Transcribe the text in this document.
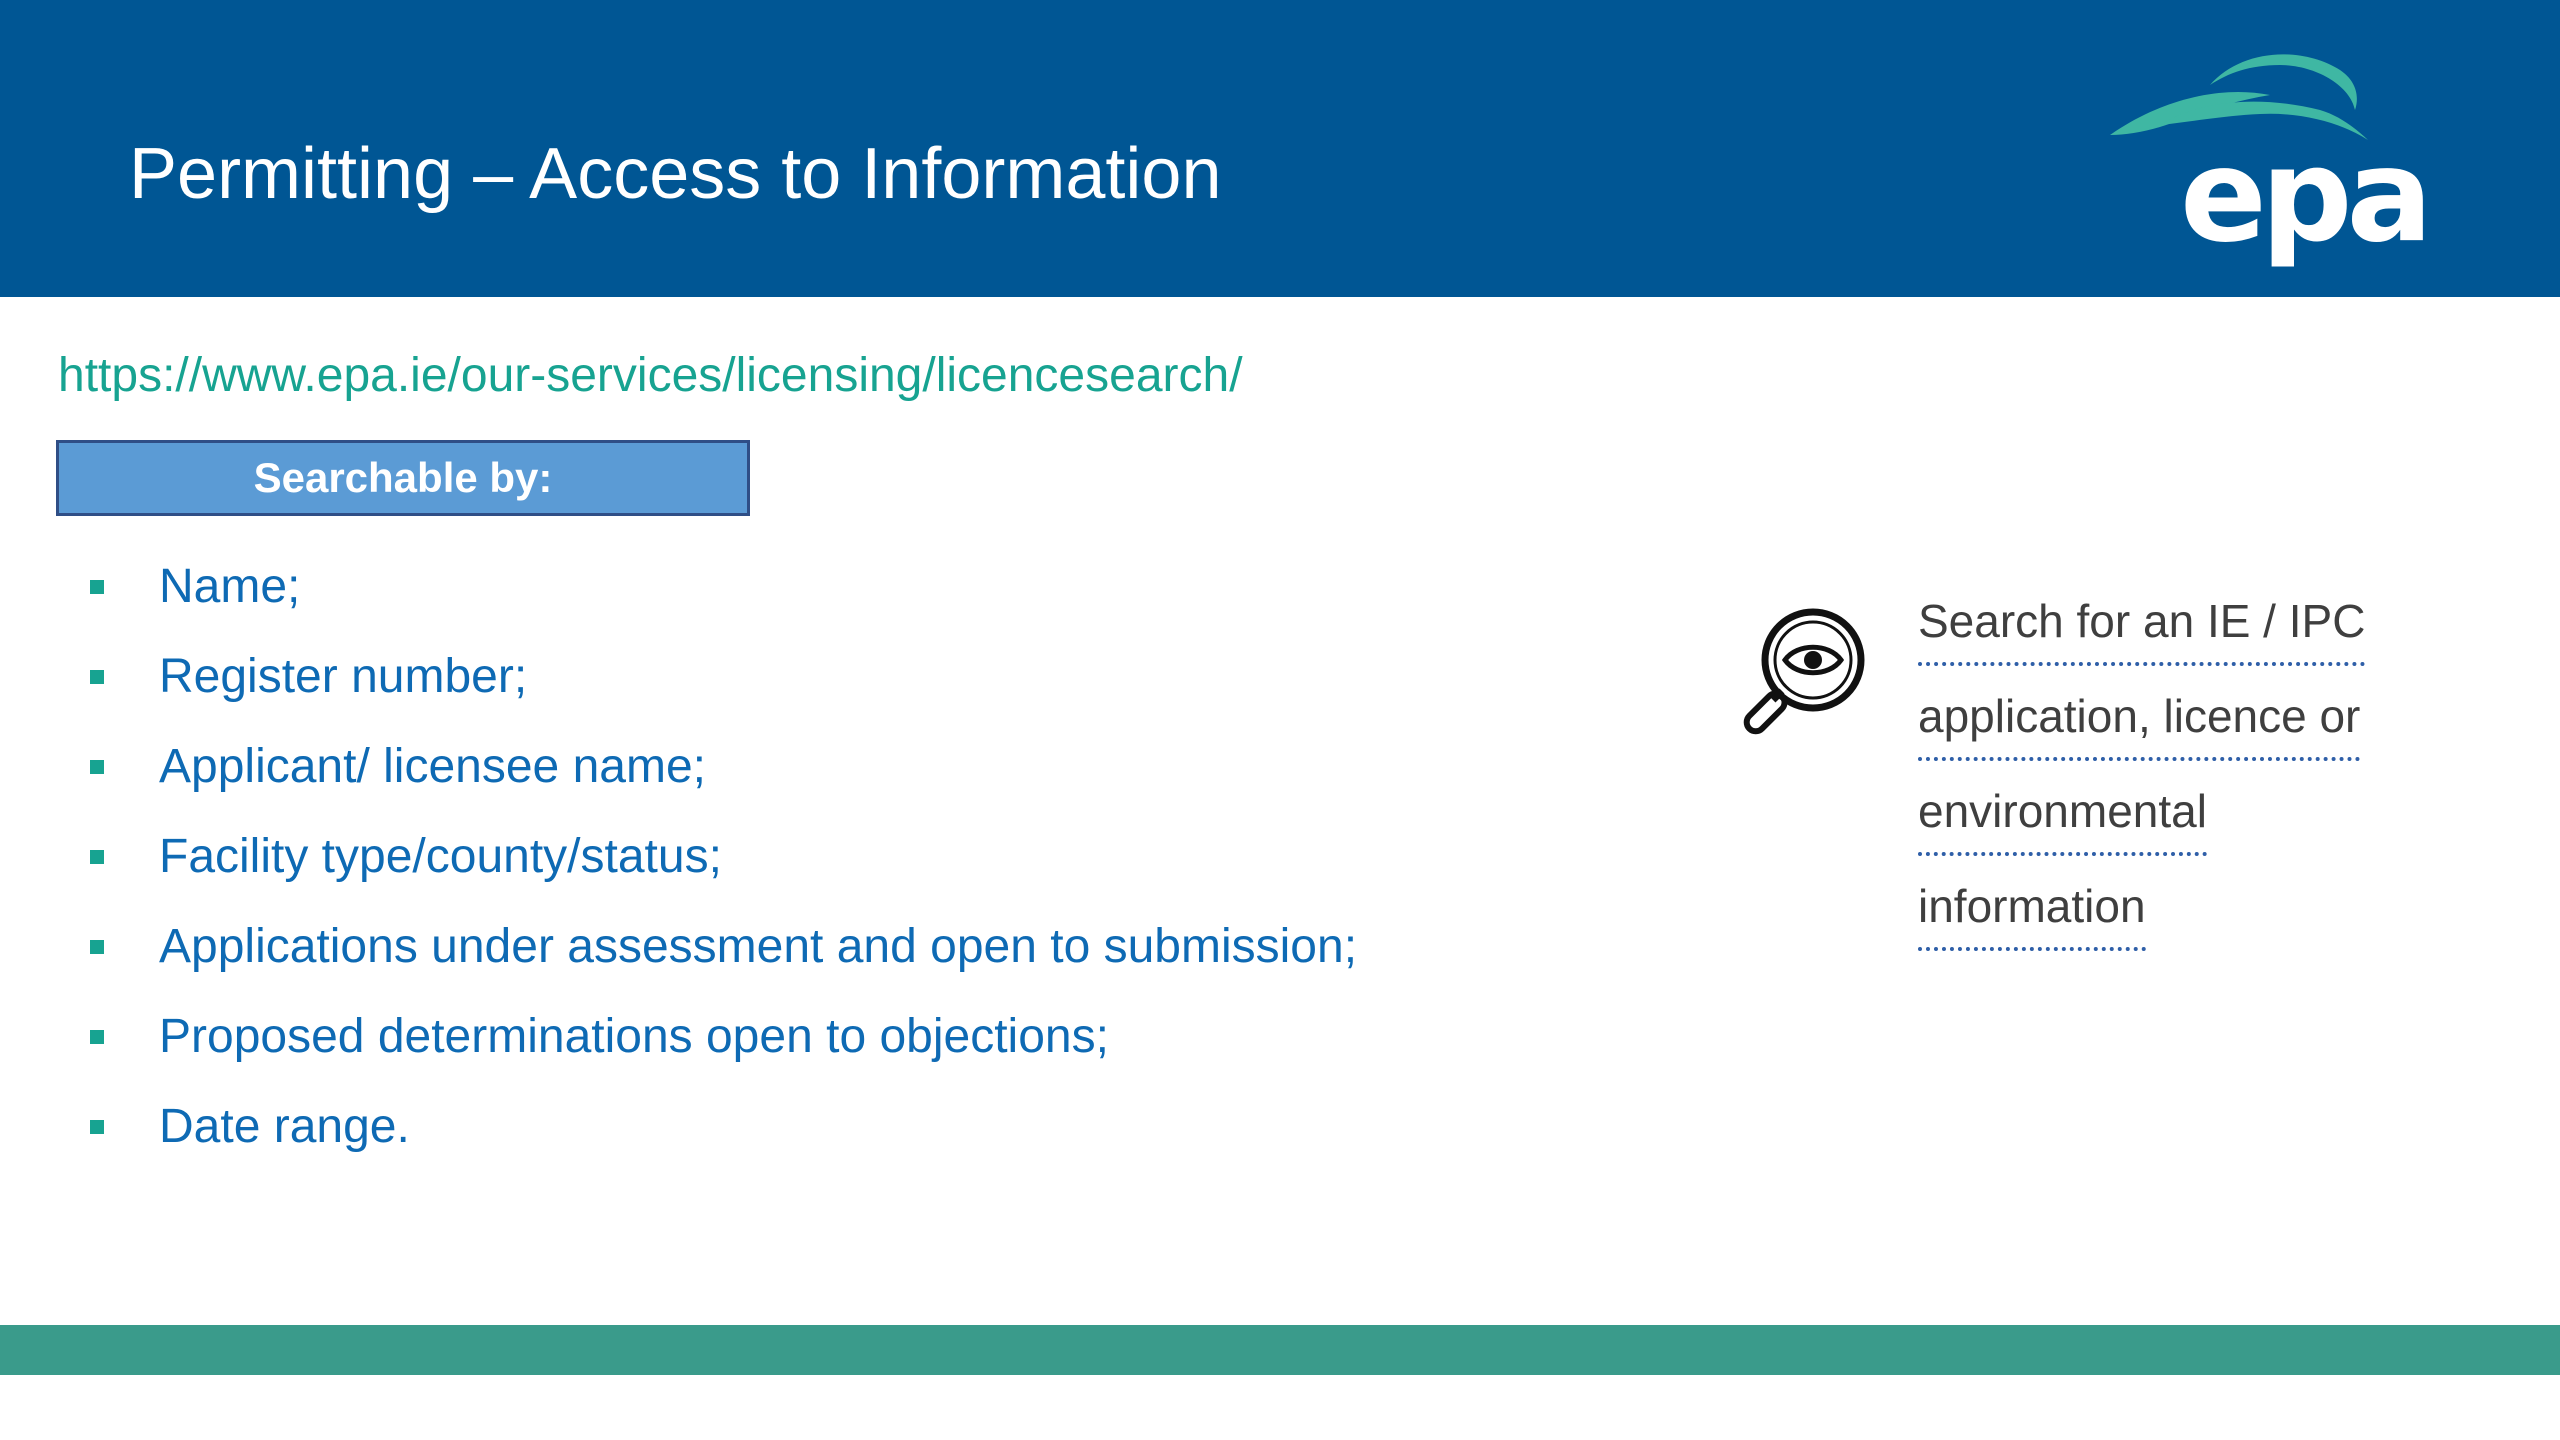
Permitting – Access to Information	epa
https://www.epa.ie/our-services/licensing/licencesearch/
Searchable by:
Name;
Register number;
Applicant/ licensee name;
Facility type/county/status;
Applications under assessment and open to submission;
Proposed determinations open to objections;
Date range.
Search for an IE / IPC
application, licence or
environmental
information
